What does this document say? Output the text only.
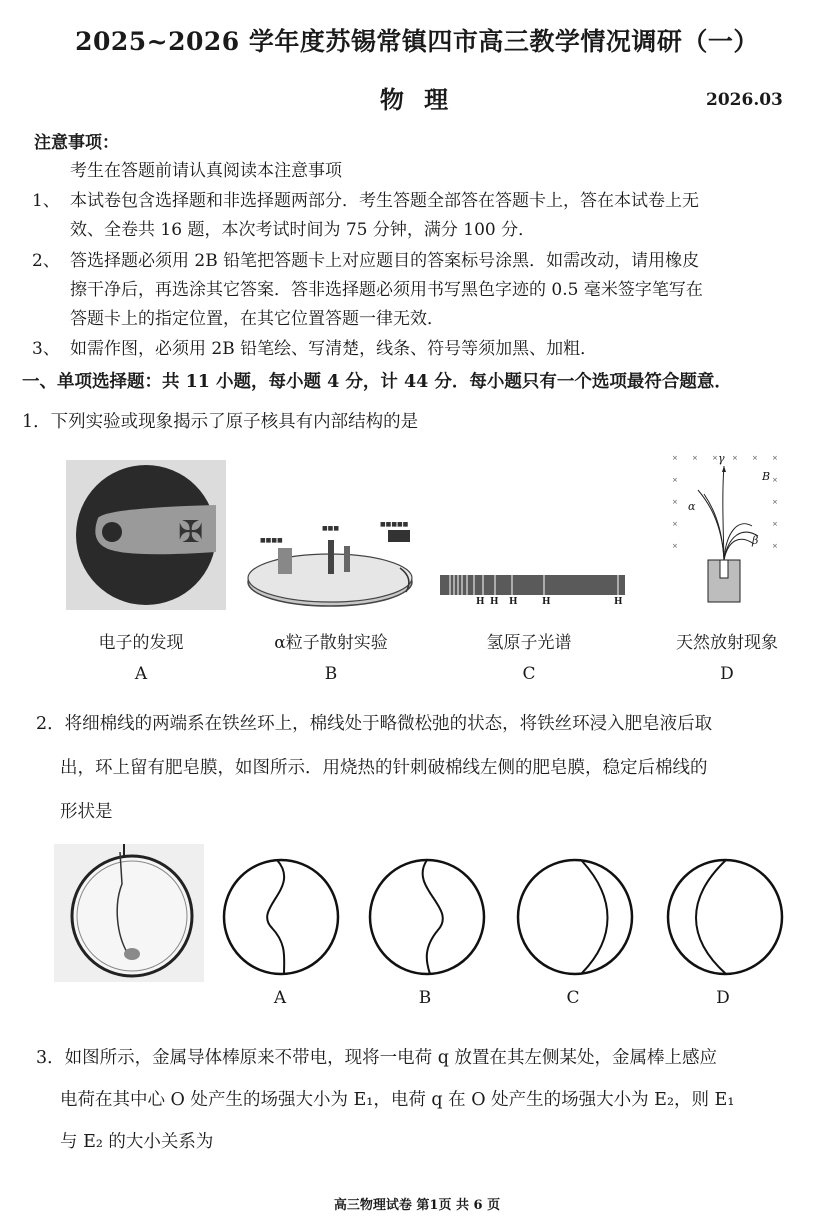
2025~2026 学年度苏锡常镇四市高三教学情况调研（一）
物 理	2026.03
注意事项：
考生在答题前请认真阅读本注意事项
1、 本试卷包含选择题和非选择题两部分．考生答题全部答在答题卡上，答在本试卷上无
效、全卷共 16 题，本次考试时间为 75 分钟，满分 100 分．
2、 答选择题必须用 2B 铅笔把答题卡上对应题目的答案标号涂黑．如需改动，请用橡皮
擦干净后，再选涂其它答案．答非选择题必须用书写黑色字迹的 0.5 毫米签字笔写在
答题卡上的指定位置，在其它位置答题一律无效．
3、 如需作图，必须用 2B 铅笔绘、写清楚，线条、符号等须加黑、加粗．
一、单项选择题：共 11 小题，每小题 4 分，计 44 分．每小题只有一个选项最符合题意．
1．下列实验或现象揭示了原子核具有内部结构的是
✠	■■■■
■■■
■■■■■
H H H	H	H
× × × × × ×
×	×
×	×
×	×
×	×
γ
α
β
B
电子的发现	α粒子散射实验	氢原子光谱	天然放射现象
A	B	C	D
2．将细棉线的两端系在铁丝环上，棉线处于略微松弛的状态，将铁丝环浸入肥皂液后取
出，环上留有肥皂膜，如图所示．用烧热的针刺破棉线左侧的肥皂膜，稳定后棉线的
形状是
A	B	C	D
3．如图所示，金属导体棒原来不带电，现将一电荷 q 放置在其左侧某处，金属棒上感应
电荷在其中心 O 处产生的场强大小为 E₁，电荷 q 在 O 处产生的场强大小为 E₂，则 E₁
与 E₂ 的大小关系为
高三物理试卷 第1页 共 6 页
